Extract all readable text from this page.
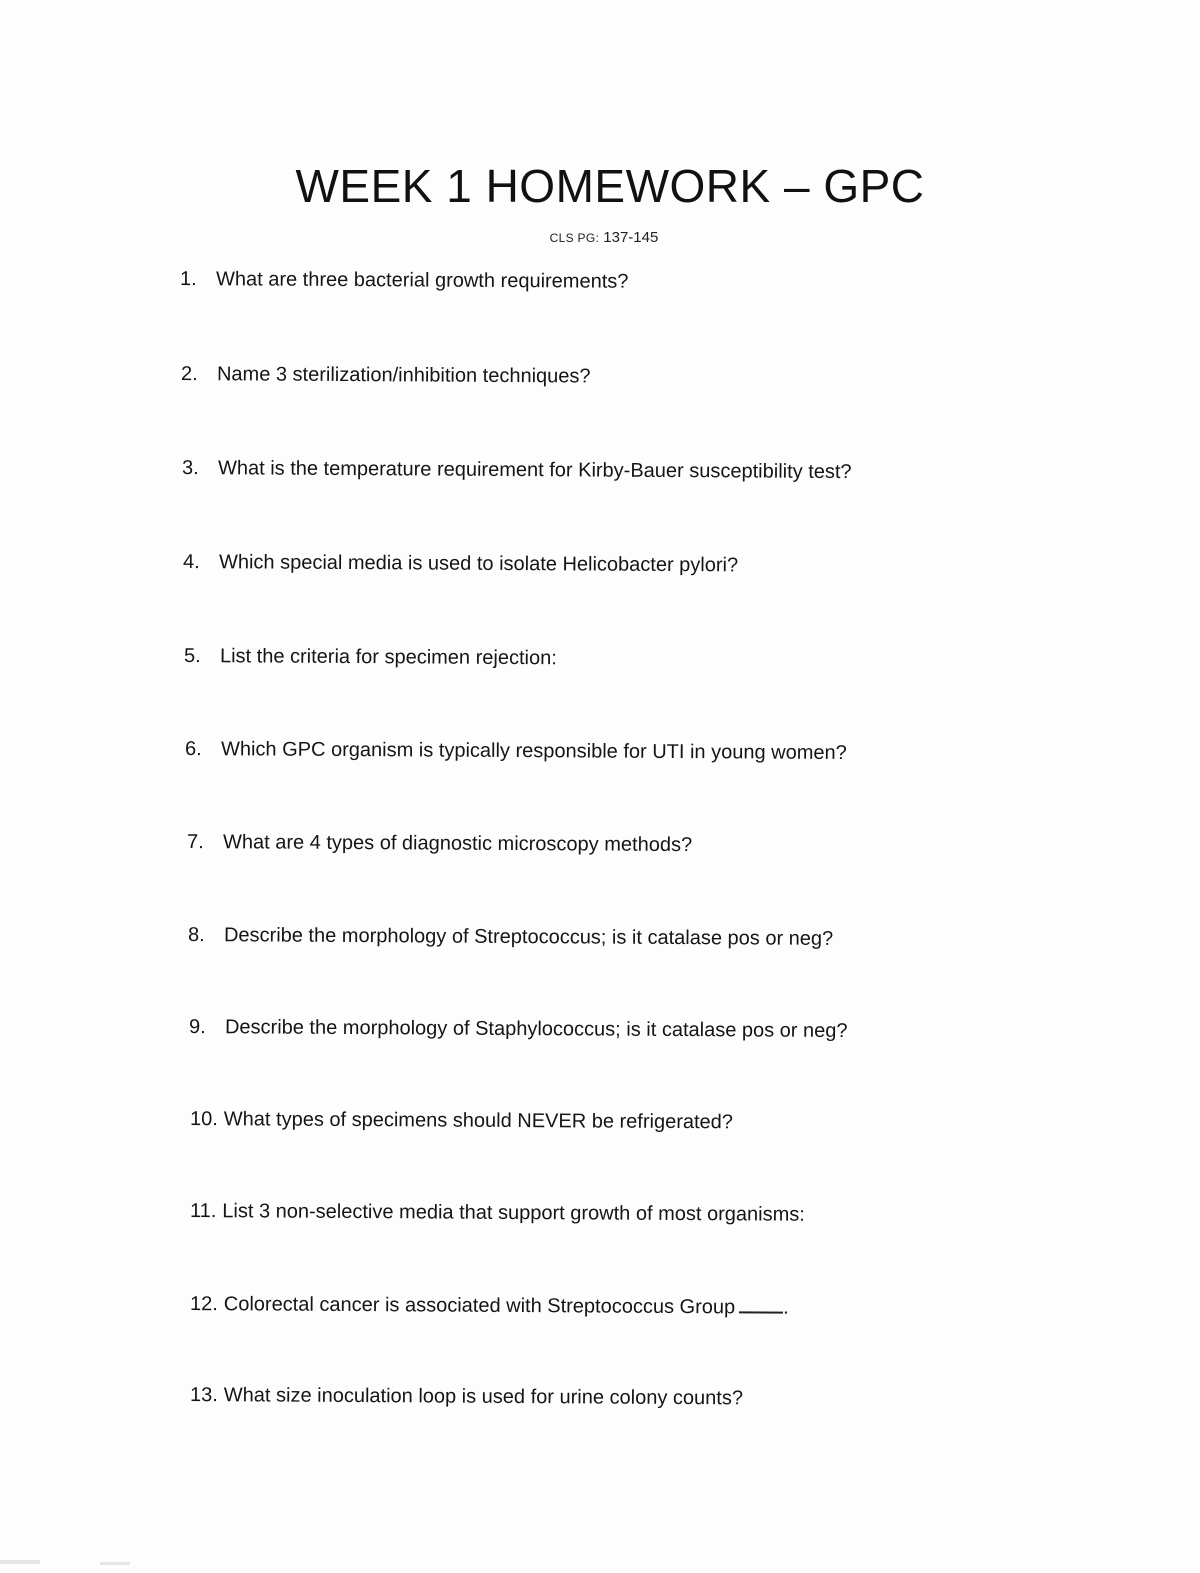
WEEK 1 HOMEWORK – GPC
CLS PG: 137-145
1. What are three bacterial growth requirements?
2. Name 3 sterilization/inhibition techniques?
3. What is the temperature requirement for Kirby-Bauer susceptibility test?
4. Which special media is used to isolate Helicobacter pylori?
5. List the criteria for specimen rejection:
6. Which GPC organism is typically responsible for UTI in young women?
7. What are 4 types of diagnostic microscopy methods?
8. Describe the morphology of Streptococcus; is it catalase pos or neg?
9. Describe the morphology of Staphylococcus; is it catalase pos or neg?
10. What types of specimens should NEVER be refrigerated?
11. List 3 non-selective media that support growth of most organisms:
12. Colorectal cancer is associated with Streptococcus Group .
13. What size inoculation loop is used for urine colony counts?
